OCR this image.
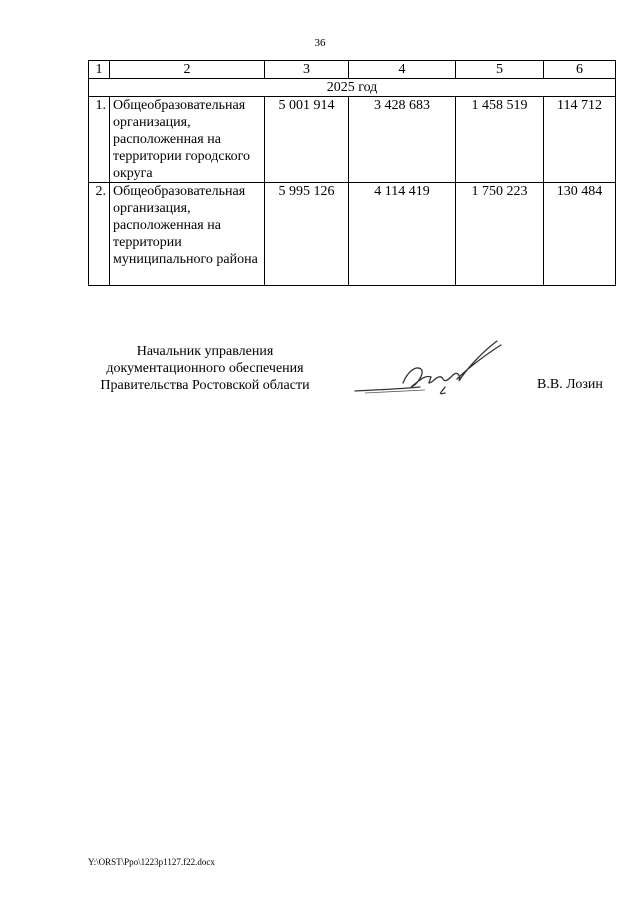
36
1	2	3	4	5	6
2025 год					
1.	Общеобразовательная организация, расположенная на территории городского округа	5 001 914	3 428 683	1 458 519	114 712
2.	Общеобразовательная организация, расположенная на территории муниципального района	5 995 126	4 114 419	1 750 223	130 484
Начальник управления
документационного обеспечения
Правительства Ростовской области	В.В. Лозин
Y:\ORST\Ppo\1223p1127.f22.docx
